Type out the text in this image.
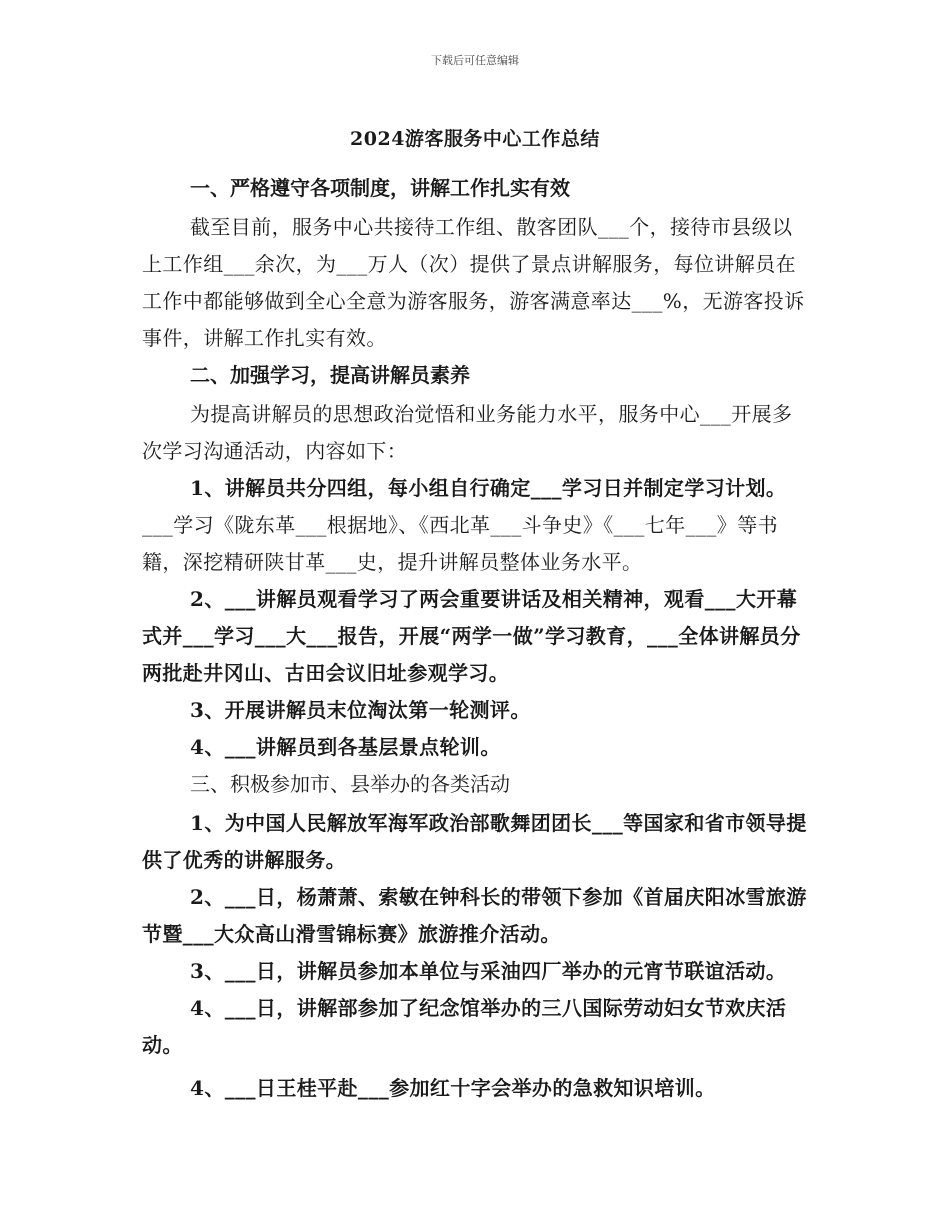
下载后可任意编辑
2024游客服务中心工作总结

一、严格遵守各项制度，讲解工作扎实有效

截至目前，服务中心共接待工作组、散客团队___个，接待市县级以上工作组___余次，为___万人（次）提供了景点讲解服务，每位讲解员在工作中都能够做到全心全意为游客服务，游客满意率达___%，无游客投诉事件，讲解工作扎实有效。

二、加强学习，提高讲解员素养

为提高讲解员的思想政治觉悟和业务能力水平，服务中心___开展多次学习沟通活动，内容如下：

1、讲解员共分四组，每小组自行确定___学习日并制定学习计划。

___学习《陇东革___根据地》、《西北革___斗争史》《___七年___》等书籍，深挖精研陕甘革___史，提升讲解员整体业务水平。

2、___讲解员观看学习了两会重要讲话及相关精神，观看___大开幕式并___学习___大___报告，开展“两学一做”学习教育，___全体讲解员分两批赴井冈山、古田会议旧址参观学习。

3、开展讲解员末位淘汰第一轮测评。

4、___讲解员到各基层景点轮训。

三、积极参加市、县举办的各类活动

1、为中国人民解放军海军政治部歌舞团团长___等国家和省市领导提供了优秀的讲解服务。

2、___日，杨萧萧、索敏在钟科长的带领下参加《首届庆阳冰雪旅游节暨___大众高山滑雪锦标赛》旅游推介活动。

3、___日，讲解员参加本单位与采油四厂举办的元宵节联谊活动。

4、___日，讲解部参加了纪念馆举办的三八国际劳动妇女节欢庆活动。

4、___日王桂平赴___参加红十字会举办的急救知识培训。
